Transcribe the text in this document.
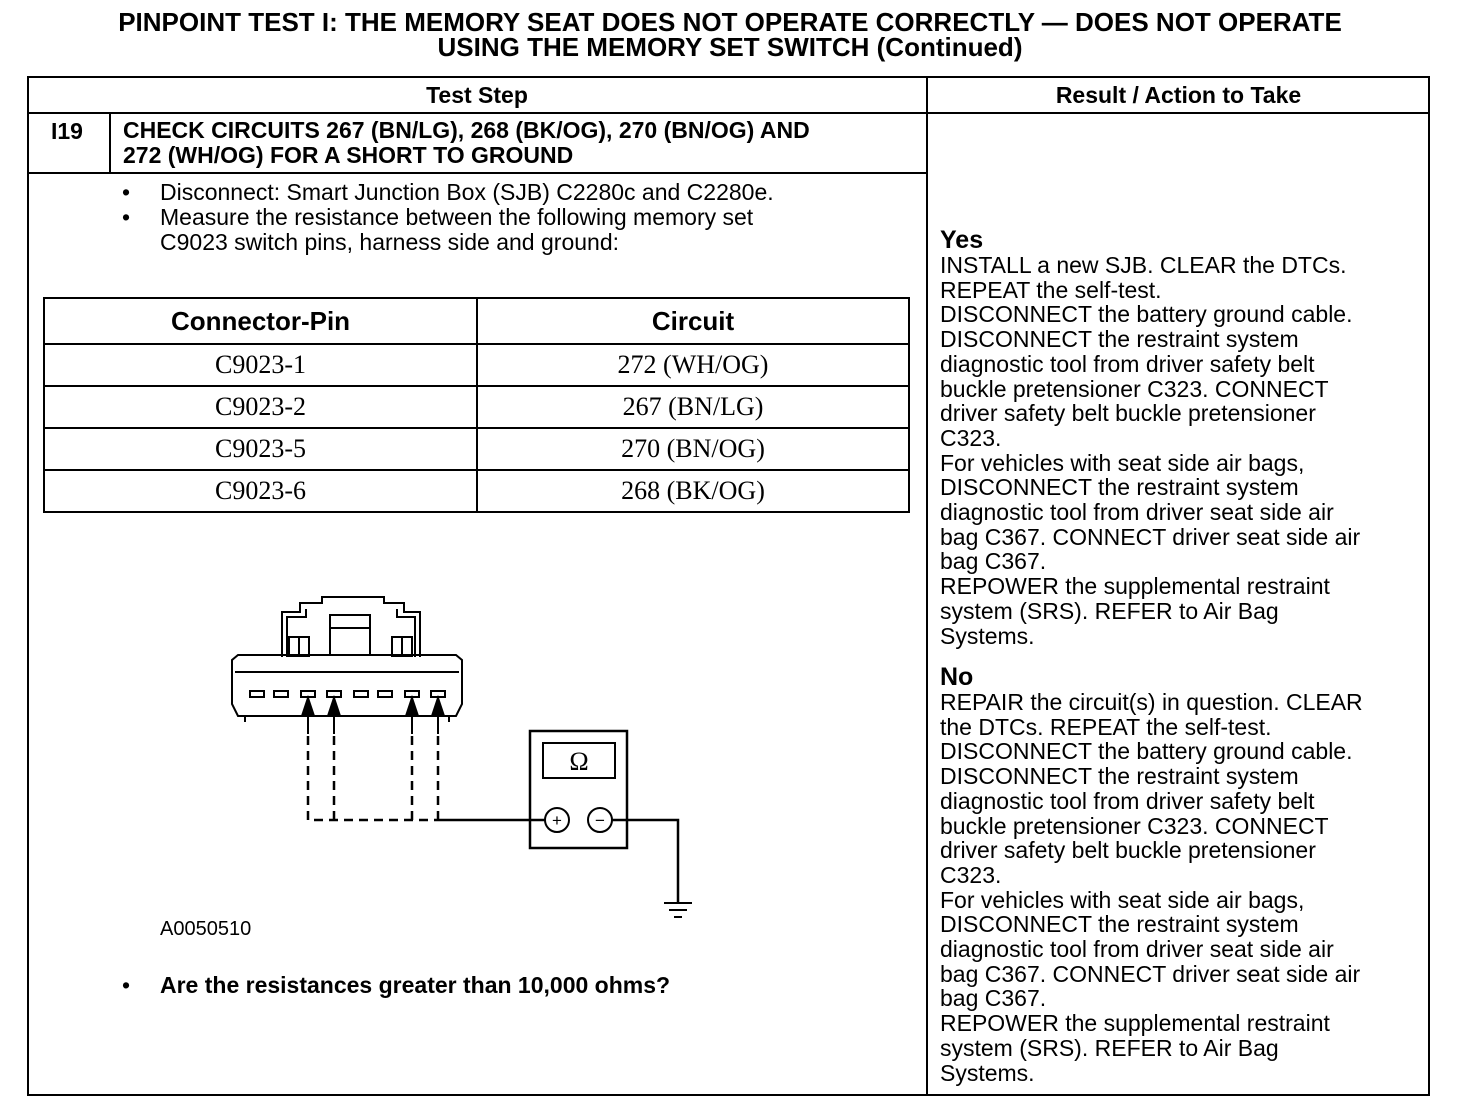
PINPOINT TEST I: THE MEMORY SEAT DOES NOT OPERATE CORRECTLY — DOES NOT OPERATE
USING THE MEMORY SET SWITCH (Continued)
Test Step	Result / Action to Take
I19 CHECK CIRCUITS 267 (BN/LG), 268 (BK/OG), 270 (BN/OG) AND
272 (WH/OG) FOR A SHORT TO GROUND
• Disconnect: Smart Junction Box (SJB) C2280c and C2280e.
• Measure the resistance between the following memory set
C9023 switch pins, harness side and ground:
Connector-Pin	Circuit
C9023-1	272 (WH/OG)
C9023-2	267 (BN/LG)
C9023-5	270 (BN/OG)
C9023-6	268 (BK/OG)
Ω
+ −
A0050510
• Are the resistances greater than 10,000 ohms?

Yes

INSTALL a new SJB. CLEAR the DTCs.

REPEAT the self-test.

DISCONNECT the battery ground cable.

DISCONNECT the restraint system

diagnostic tool from driver safety belt

buckle pretensioner C323. CONNECT

driver safety belt buckle pretensioner

C323.

For vehicles with seat side air bags,

DISCONNECT the restraint system

diagnostic tool from driver seat side air

bag C367. CONNECT driver seat side air

bag C367.

REPOWER the supplemental restraint

system (SRS). REFER to Air Bag

Systems.

No

REPAIR the circuit(s) in question. CLEAR

the DTCs. REPEAT the self-test.

DISCONNECT the battery ground cable.

DISCONNECT the restraint system

diagnostic tool from driver safety belt

buckle pretensioner C323. CONNECT

driver safety belt buckle pretensioner

C323.

For vehicles with seat side air bags,

DISCONNECT the restraint system

diagnostic tool from driver seat side air

bag C367. CONNECT driver seat side air

bag C367.

REPOWER the supplemental restraint

system (SRS). REFER to Air Bag

Systems.
